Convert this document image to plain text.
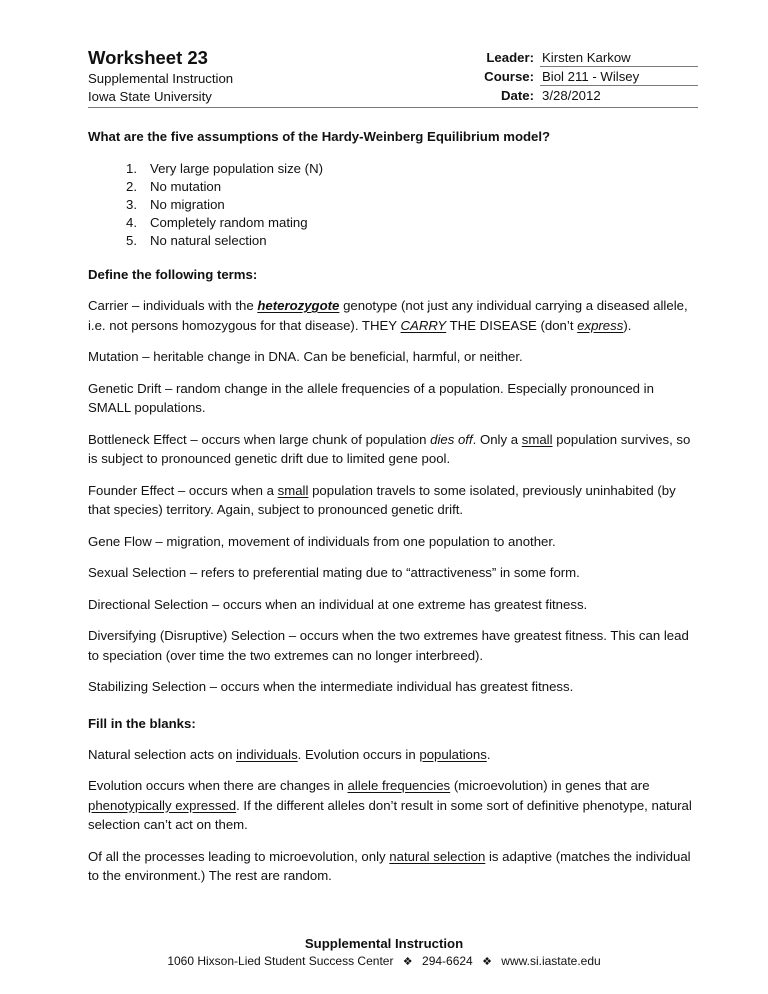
Worksheet 23
Supplemental Instruction
Iowa State University
Leader: Kirsten Karkow
Course: Biol 211 - Wilsey
Date: 3/28/2012
What are the five assumptions of the Hardy-Weinberg Equilibrium model?
1. Very large population size (N)
2. No mutation
3. No migration
4. Completely random mating
5. No natural selection
Define the following terms:

Carrier – individuals with the heterozygote genotype (not just any individual carrying a diseased allele, i.e. not persons homozygous for that disease). THEY CARRY THE DISEASE (don’t express).

Mutation – heritable change in DNA. Can be beneficial, harmful, or neither.

Genetic Drift – random change in the allele frequencies of a population. Especially pronounced in SMALL populations.

Bottleneck Effect – occurs when large chunk of population dies off. Only a small population survives, so is subject to pronounced genetic drift due to limited gene pool.

Founder Effect – occurs when a small population travels to some isolated, previously uninhabited (by that species) territory. Again, subject to pronounced genetic drift.

Gene Flow – migration, movement of individuals from one population to another.

Sexual Selection – refers to preferential mating due to “attractiveness” in some form.

Directional Selection – occurs when an individual at one extreme has greatest fitness.

Diversifying (Disruptive) Selection – occurs when the two extremes have greatest fitness. This can lead to speciation (over time the two extremes can no longer interbreed).

Stabilizing Selection – occurs when the intermediate individual has greatest fitness.

Fill in the blanks:

Natural selection acts on individuals. Evolution occurs in populations.

Evolution occurs when there are changes in allele frequencies (microevolution) in genes that are phenotypically expressed. If the different alleles don’t result in some sort of definitive phenotype, natural selection can’t act on them.

Of all the processes leading to microevolution, only natural selection is adaptive (matches the individual to the environment.) The rest are random.

Supplemental Instruction
1060 Hixson-Lied Student Success Center ❖ 294-6624 ❖ www.si.iastate.edu
